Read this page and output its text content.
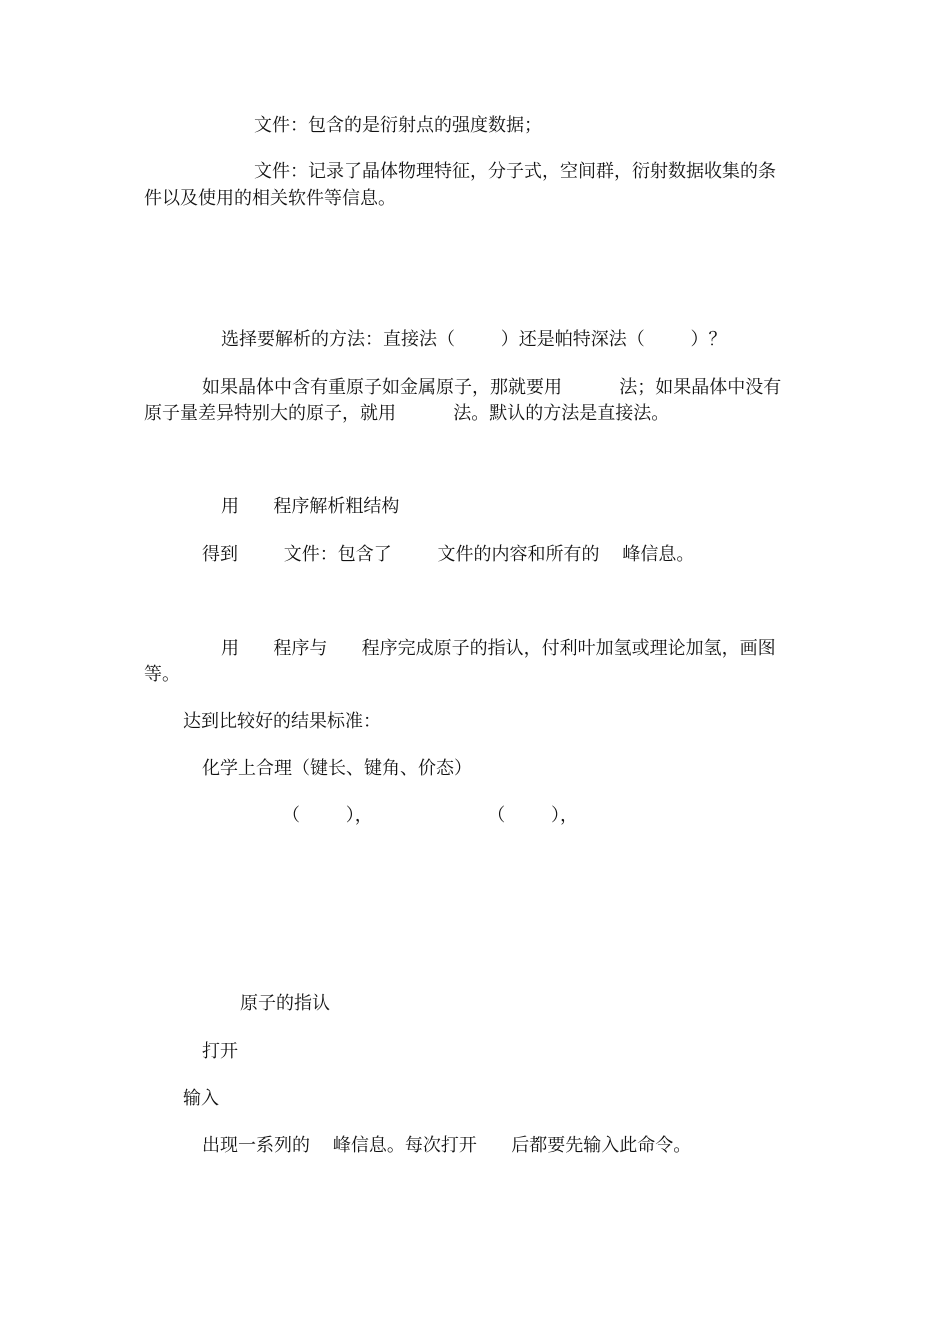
文件：包含的是衍射点的强度数据；
文件：记录了晶体物理特征，分子式，空间群，衍射数据收集的条
件以及使用的相关软件等信息。
选择要解析的方法：直接法（        ）还是帕特深法（        ）？
如果晶体中含有重原子如金属原子，那就要用          法；如果晶体中没有
原子量差异特别大的原子，就用          法。默认的方法是直接法。
用      程序解析粗结构
得到        文件：包含了        文件的内容和所有的    峰信息。
用      程序与      程序完成原子的指认，付利叶加氢或理论加氢，画图
等。
达到比较好的结果标准：
化学上合理（键长、键角、价态）
（        ），                    （        ），
原子的指认
打开
输入
出现一系列的    峰信息。每次打开      后都要先输入此命令。
